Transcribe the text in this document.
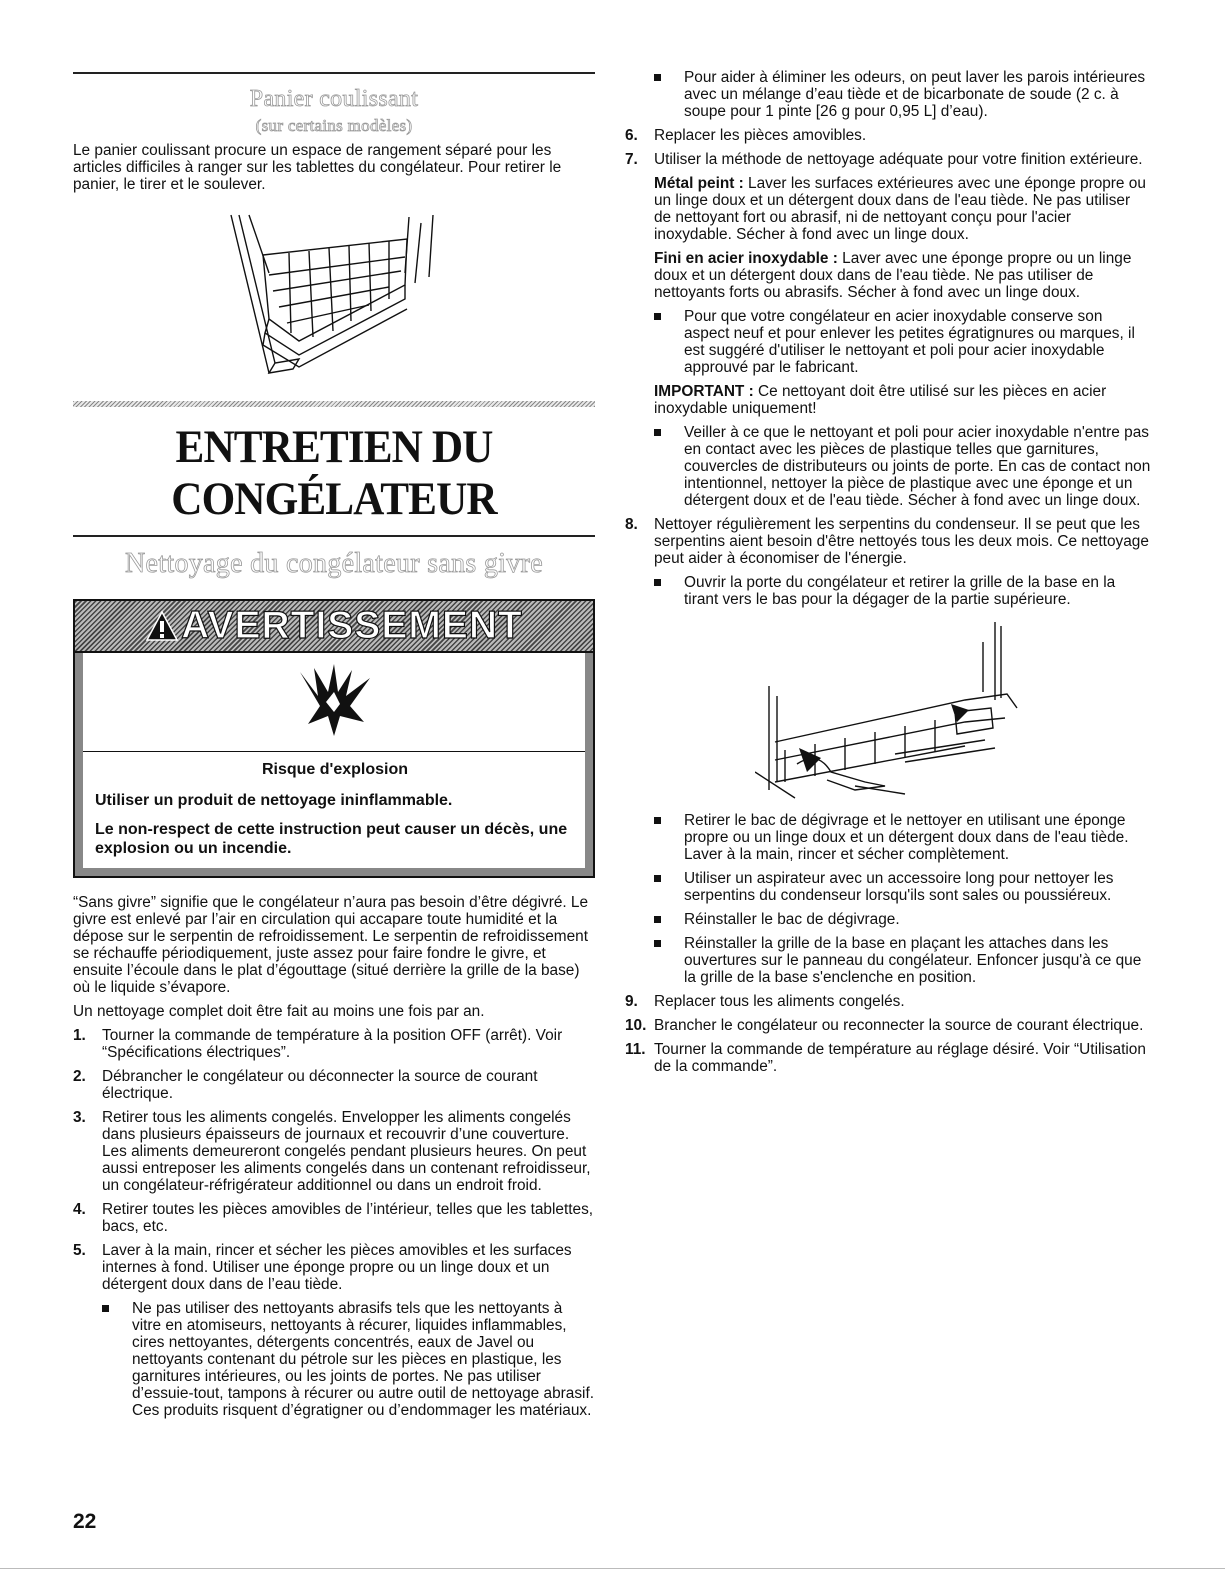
Panier coulissant
(sur certains modèles)

Le panier coulissant procure un espace de rangement séparé pour les articles difficiles à ranger sur les tablettes du congélateur. Pour retirer le panier, le tirer et le soulever.

ENTRETIEN DU CONGÉLATEUR
Nettoyage du congélateur sans givre
AVERTISSEMENT
Risque d'explosion

Utiliser un produit de nettoyage ininflammable.

Le non-respect de cette instruction peut causer un décès, une explosion ou un incendie.

“Sans givre” signifie que le congélateur n’aura pas besoin d’être dégivré. Le givre est enlevé par l’air en circulation qui accapare toute humidité et la dépose sur le serpentin de refroidissement. Le serpentin de refroidissement se réchauffe périodiquement, juste assez pour faire fondre le givre, et ensuite l’écoule dans le plat d’égouttage (situé derrière la grille de la base) où le liquide s’évapore.

Un nettoyage complet doit être fait au moins une fois par an.

1. Tourner la commande de température à la position OFF (arrêt). Voir “Spécifications électriques”.
2. Débrancher le congélateur ou déconnecter la source de courant électrique.
3. Retirer tous les aliments congelés. Envelopper les aliments congelés dans plusieurs épaisseurs de journaux et recouvrir d’une couverture. Les aliments demeureront congelés pendant plusieurs heures. On peut aussi entreposer les aliments congelés dans un contenant refroidisseur, un congélateur-réfrigérateur additionnel ou dans un endroit froid.
4. Retirer toutes les pièces amovibles de l’intérieur, telles que les tablettes, bacs, etc.
5. Laver à la main, rincer et sécher les pièces amovibles et les surfaces internes à fond. Utiliser une éponge propre ou un linge doux et un détergent doux dans de l’eau tiède.
Ne pas utiliser des nettoyants abrasifs tels que les nettoyants à vitre en atomiseurs, nettoyants à récurer, liquides inflammables, cires nettoyantes, détergents concentrés, eaux de Javel ou nettoyants contenant du pétrole sur les pièces en plastique, les garnitures intérieures, ou les joints de portes. Ne pas utiliser d’essuie-tout, tampons à récurer ou autre outil de nettoyage abrasif. Ces produits risquent d’égratigner ou d’endommager les matériaux.
Pour aider à éliminer les odeurs, on peut laver les parois intérieures avec un mélange d’eau tiède et de bicarbonate de soude (2 c. à soupe pour 1 pinte [26 g pour 0,95 L] d’eau).
6. Replacer les pièces amovibles.
7. Utiliser la méthode de nettoyage adéquate pour votre finition extérieure.
Métal peint : Laver les surfaces extérieures avec une éponge propre ou un linge doux et un détergent doux dans de l'eau tiède. Ne pas utiliser de nettoyant fort ou abrasif, ni de nettoyant conçu pour l'acier inoxydable. Sécher à fond avec un linge doux.
Fini en acier inoxydable : Laver avec une éponge propre ou un linge doux et un détergent doux dans de l'eau tiède. Ne pas utiliser de nettoyants forts ou abrasifs. Sécher à fond avec un linge doux.
Pour que votre congélateur en acier inoxydable conserve son aspect neuf et pour enlever les petites égratignures ou marques, il est suggéré d'utiliser le nettoyant et poli pour acier inoxydable approuvé par le fabricant.
IMPORTANT : Ce nettoyant doit être utilisé sur les pièces en acier inoxydable uniquement!
Veiller à ce que le nettoyant et poli pour acier inoxydable n'entre pas en contact avec les pièces de plastique telles que garnitures, couvercles de distributeurs ou joints de porte. En cas de contact non intentionnel, nettoyer la pièce de plastique avec une éponge et un détergent doux et de l'eau tiède. Sécher à fond avec un linge doux.
8. Nettoyer régulièrement les serpentins du condenseur. Il se peut que les serpentins aient besoin d'être nettoyés tous les deux mois. Ce nettoyage peut aider à économiser de l'énergie.
Ouvrir la porte du congélateur et retirer la grille de la base en la tirant vers le bas pour la dégager de la partie supérieure.
Retirer le bac de dégivrage et le nettoyer en utilisant une éponge propre ou un linge doux et un détergent doux dans de l'eau tiède. Laver à la main, rincer et sécher complètement.
Utiliser un aspirateur avec un accessoire long pour nettoyer les serpentins du condenseur lorsqu'ils sont sales ou poussiéreux.
Réinstaller le bac de dégivrage.
Réinstaller la grille de la base en plaçant les attaches dans les ouvertures sur le panneau du congélateur. Enfoncer jusqu'à ce que la grille de la base s'enclenche en position.
9. Replacer tous les aliments congelés.
10. Brancher le congélateur ou reconnecter la source de courant électrique.
11. Tourner la commande de température au réglage désiré. Voir “Utilisation de la commande”.
22
